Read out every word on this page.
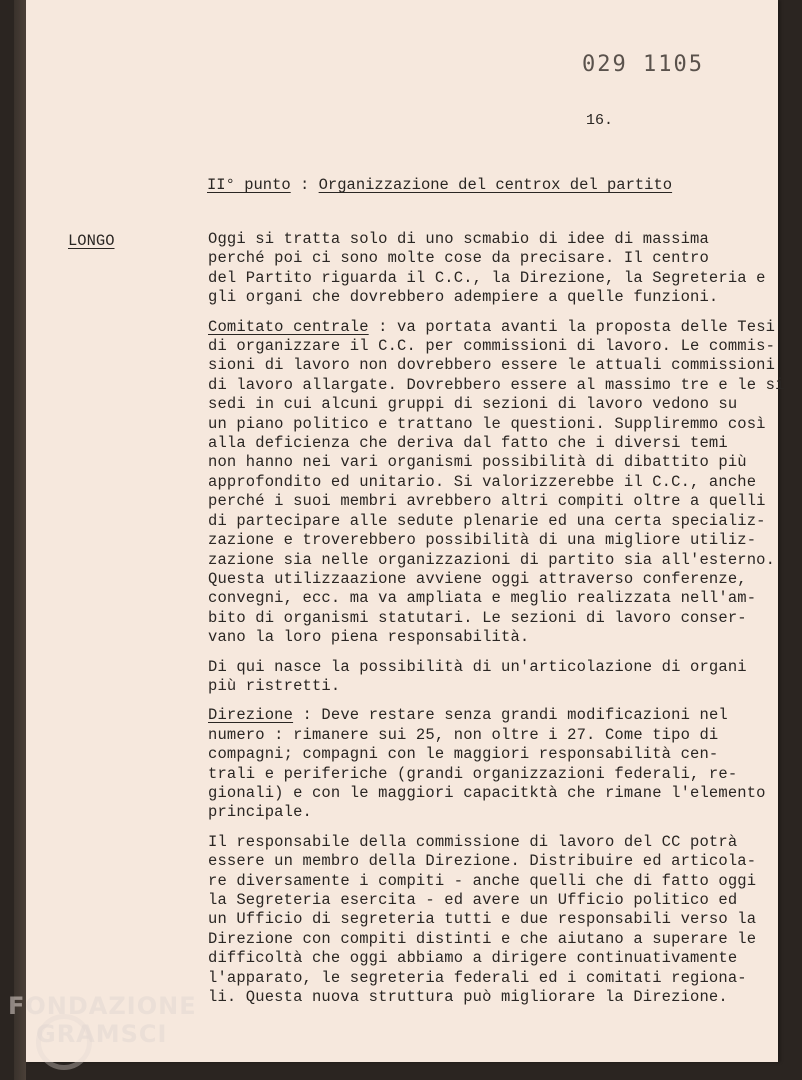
029 1105
16.
II° punto : Organizzazione del centrox del partito
LONGO	Oggi si tratta solo di uno scmabio di idee di massima
perché poi ci sono molte cose da precisare. Il centro
del Partito riguarda il C.C., la Direzione, la Segreteria e
gli organi che dovrebbero adempiere a quelle funzioni.
Comitato centrale : va portata avanti la proposta delle Tesi
di organizzare il C.C. per commissioni di lavoro. Le commis-
sioni di lavoro non dovrebbero essere le attuali commissioni
di lavoro allargate. Dovrebbero essere al massimo tre e le si
sedi in cui alcuni gruppi di sezioni di lavoro vedono su
un piano politico e trattano le questioni. Suppliremmo così
alla deficienza che deriva dal fatto che i diversi temi
non hanno nei vari organismi possibilità di dibattito più
approfondito ed unitario. Si valorizzerebbe il C.C., anche
perché i suoi membri avrebbero altri compiti oltre a quelli
di partecipare alle sedute plenarie ed una certa specializ-
zazione e troverebbero possibilità di una migliore utiliz-
zazione sia nelle organizzazioni di partito sia all'esterno.
Questa utilizzaazione avviene oggi attraverso conferenze,
convegni, ecc. ma va ampliata e meglio realizzata nell'am-
bito di organismi statutari. Le sezioni di lavoro conser-
vano la loro piena responsabilità.
Di qui nasce la possibilità di un'articolazione di organi
più ristretti.
Direzione : Deve restare senza grandi modificazioni nel
numero : rimanere sui 25, non oltre i 27. Come tipo di
compagni; compagni con le maggiori responsabilità cen-
trali e periferiche (grandi organizzazioni federali, re-
gionali) e con le maggiori capacitktà che rimane l'elemento
principale.
Il responsabile della commissione di lavoro del CC potrà
essere un membro della Direzione. Distribuire ed articola-
re diversamente i compiti - anche quelli che di fatto oggi
la Segreteria esercita - ed avere un Ufficio politico ed
un Ufficio di segreteria tutti e due responsabili verso la
Direzione con compiti distinti e che aiutano a superare le
difficoltà che oggi abbiamo a dirigere continuativamente
l'apparato, le segreteria federali ed i comitati regiona-
li. Questa nuova struttura può migliorare la Direzione.
FONDAZIONE
GRAMSCI
